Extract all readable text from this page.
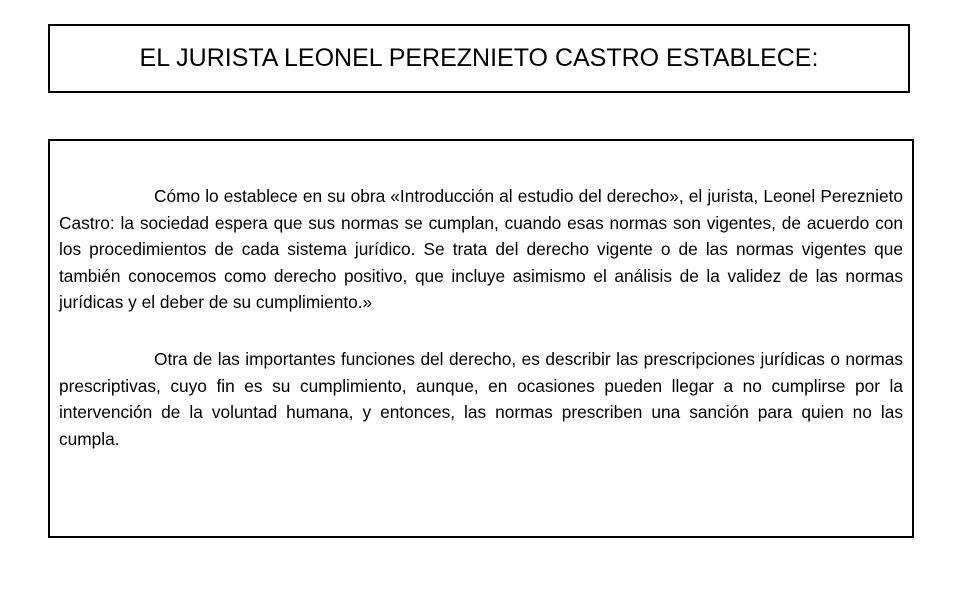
EL JURISTA LEONEL PEREZNIETO CASTRO ESTABLECE:

Cómo lo establece en su obra «Introducción al estudio del derecho», el jurista, Leonel Pereznieto Castro: la sociedad espera que sus normas se cumplan, cuando esas normas son vigentes, de acuerdo con los procedimientos de cada sistema jurídico. Se trata del derecho vigente o de las normas vigentes que también conocemos como derecho positivo, que incluye asimismo el análisis de la validez de las normas jurídicas y el deber de su cumplimiento.»

Otra de las importantes funciones del derecho, es describir las prescripciones jurídicas o normas prescriptivas, cuyo fin es su cumplimiento, aunque, en ocasiones pueden llegar a no cumplirse por la intervención de la voluntad humana, y entonces, las normas prescriben una sanción para quien no las cumpla.
